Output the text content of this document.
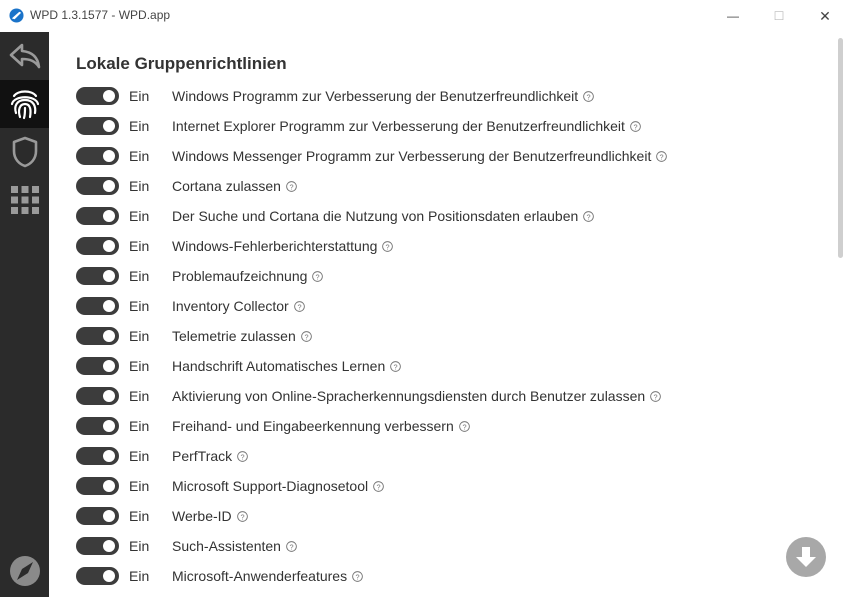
WPD 1.3.1577 - WPD.app	—	☐ ✕
Lokale Gruppenrichtlinien
Ein	Windows Programm zur Verbesserung der Benutzerfreundlichkeit ?
Ein	Internet Explorer Programm zur Verbesserung der Benutzerfreundlichkeit ?
Ein	Windows Messenger Programm zur Verbesserung der Benutzerfreundlichkeit ?
Ein	Cortana zulassen ?
Ein	Der Suche und Cortana die Nutzung von Positionsdaten erlauben ?
Ein	Windows-Fehlerberichterstattung ?
Ein	Problemaufzeichnung ?
Ein	Inventory Collector ?
Ein	Telemetrie zulassen ?
Ein	Handschrift Automatisches Lernen ?
Ein	Aktivierung von Online-Spracherkennungsdiensten durch Benutzer zulassen ?
Ein	Freihand- und Eingabeerkennung verbessern ?
Ein	PerfTrack ?
Ein	Microsoft Support-Diagnosetool ?
Ein	Werbe-ID ?
Ein	Such-Assistenten ?
Ein	Microsoft-Anwenderfeatures ?
